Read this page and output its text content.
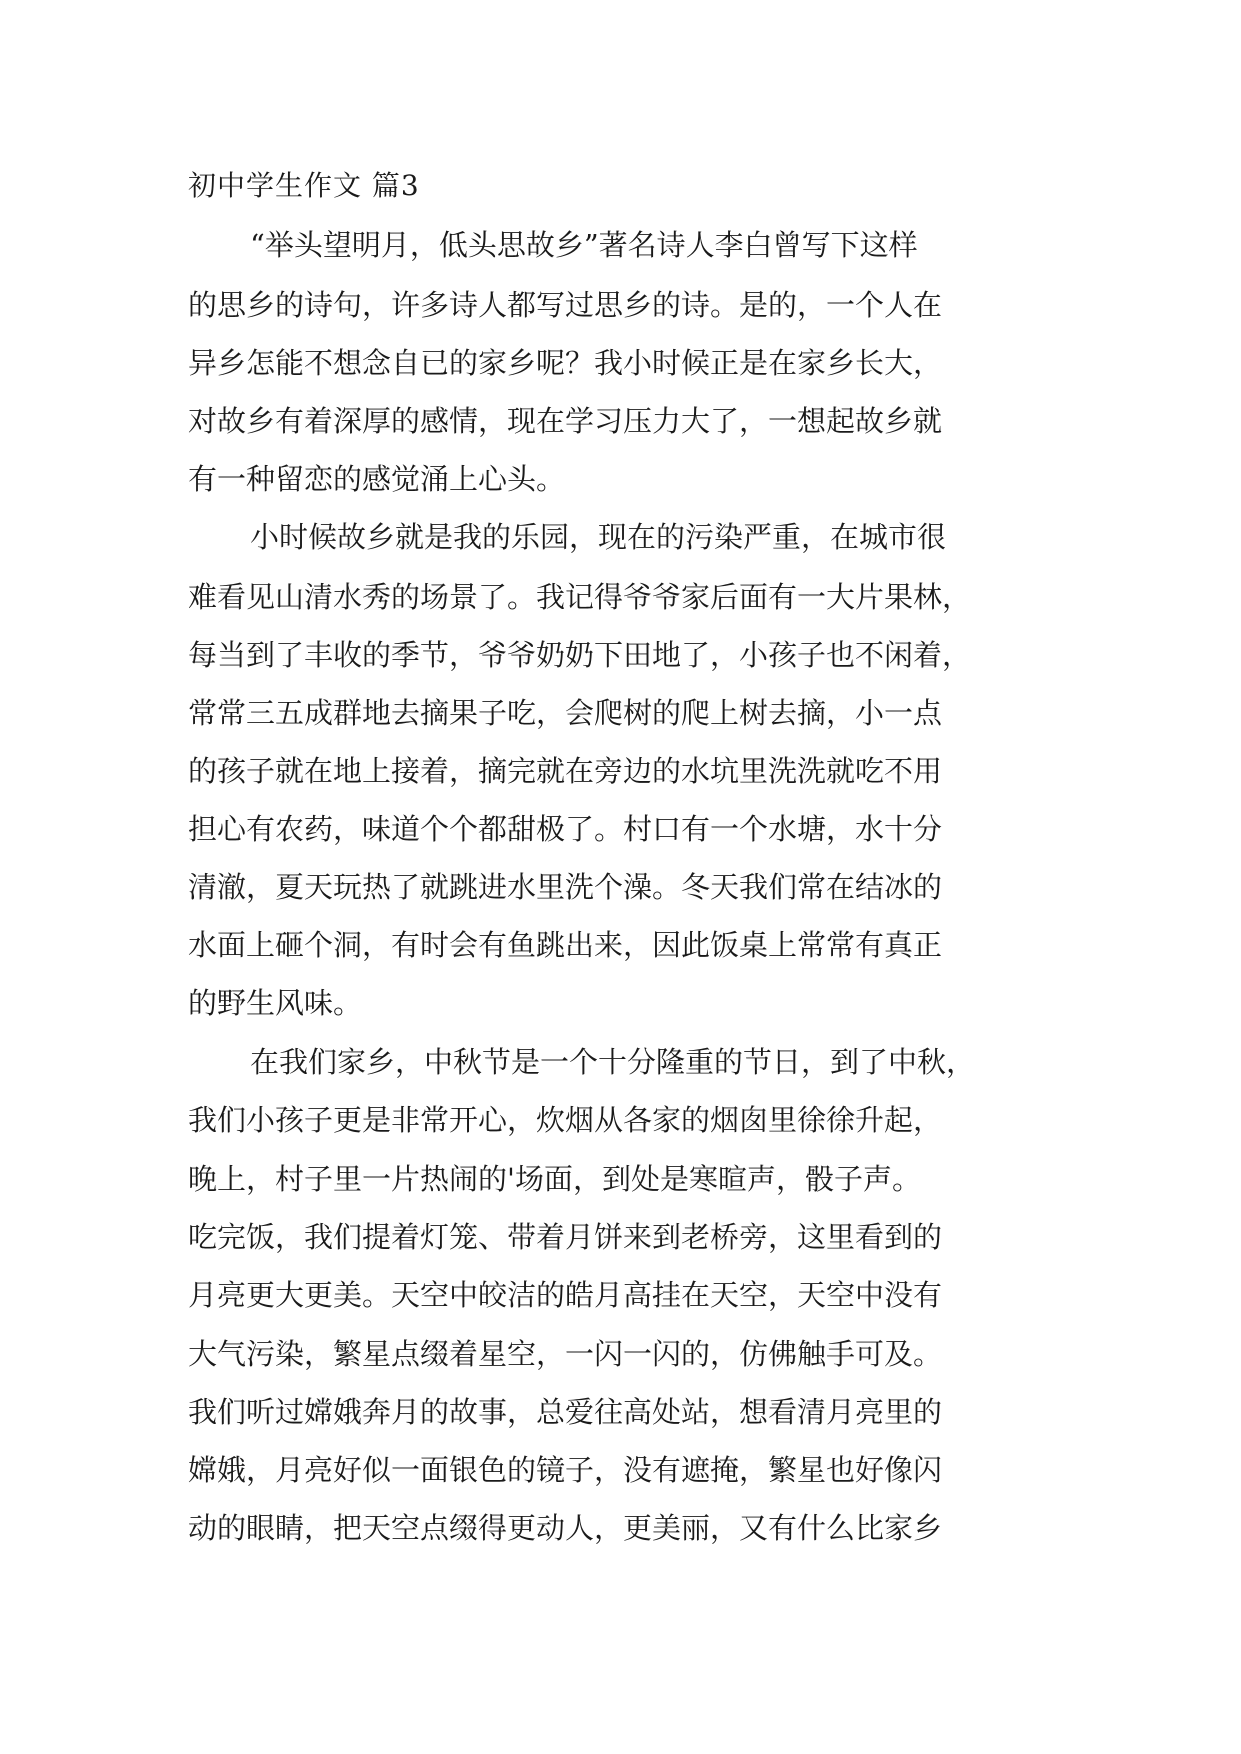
初中学生作文 篇3
“举头望明月，低头思故乡”著名诗人李白曾写下这样
的思乡的诗句，许多诗人都写过思乡的诗。是的，一个人在
异乡怎能不想念自已的家乡呢？我小时候正是在家乡长大，
对故乡有着深厚的感情，现在学习压力大了，一想起故乡就
有一种留恋的感觉涌上心头。
小时候故乡就是我的乐园，现在的污染严重，在城市很
难看见山清水秀的场景了。我记得爷爷家后面有一大片果林，
每当到了丰收的季节，爷爷奶奶下田地了，小孩子也不闲着，
常常三五成群地去摘果子吃，会爬树的爬上树去摘，小一点
的孩子就在地上接着，摘完就在旁边的水坑里洗洗就吃不用
担心有农药，味道个个都甜极了。村口有一个水塘，水十分
清澈，夏天玩热了就跳进水里洗个澡。冬天我们常在结冰的
水面上砸个洞，有时会有鱼跳出来，因此饭桌上常常有真正
的野生风味。
在我们家乡，中秋节是一个十分隆重的节日，到了中秋，
我们小孩子更是非常开心，炊烟从各家的烟囱里徐徐升起，
晚上，村子里一片热闹的'场面，到处是寒暄声，骰子声。
吃完饭，我们提着灯笼、带着月饼来到老桥旁，这里看到的
月亮更大更美。天空中皎洁的皓月高挂在天空，天空中没有
大气污染，繁星点缀着星空，一闪一闪的，仿佛触手可及。
我们听过嫦娥奔月的故事，总爱往高处站，想看清月亮里的
嫦娥，月亮好似一面银色的镜子，没有遮掩，繁星也好像闪
动的眼睛，把天空点缀得更动人，更美丽，又有什么比家乡
